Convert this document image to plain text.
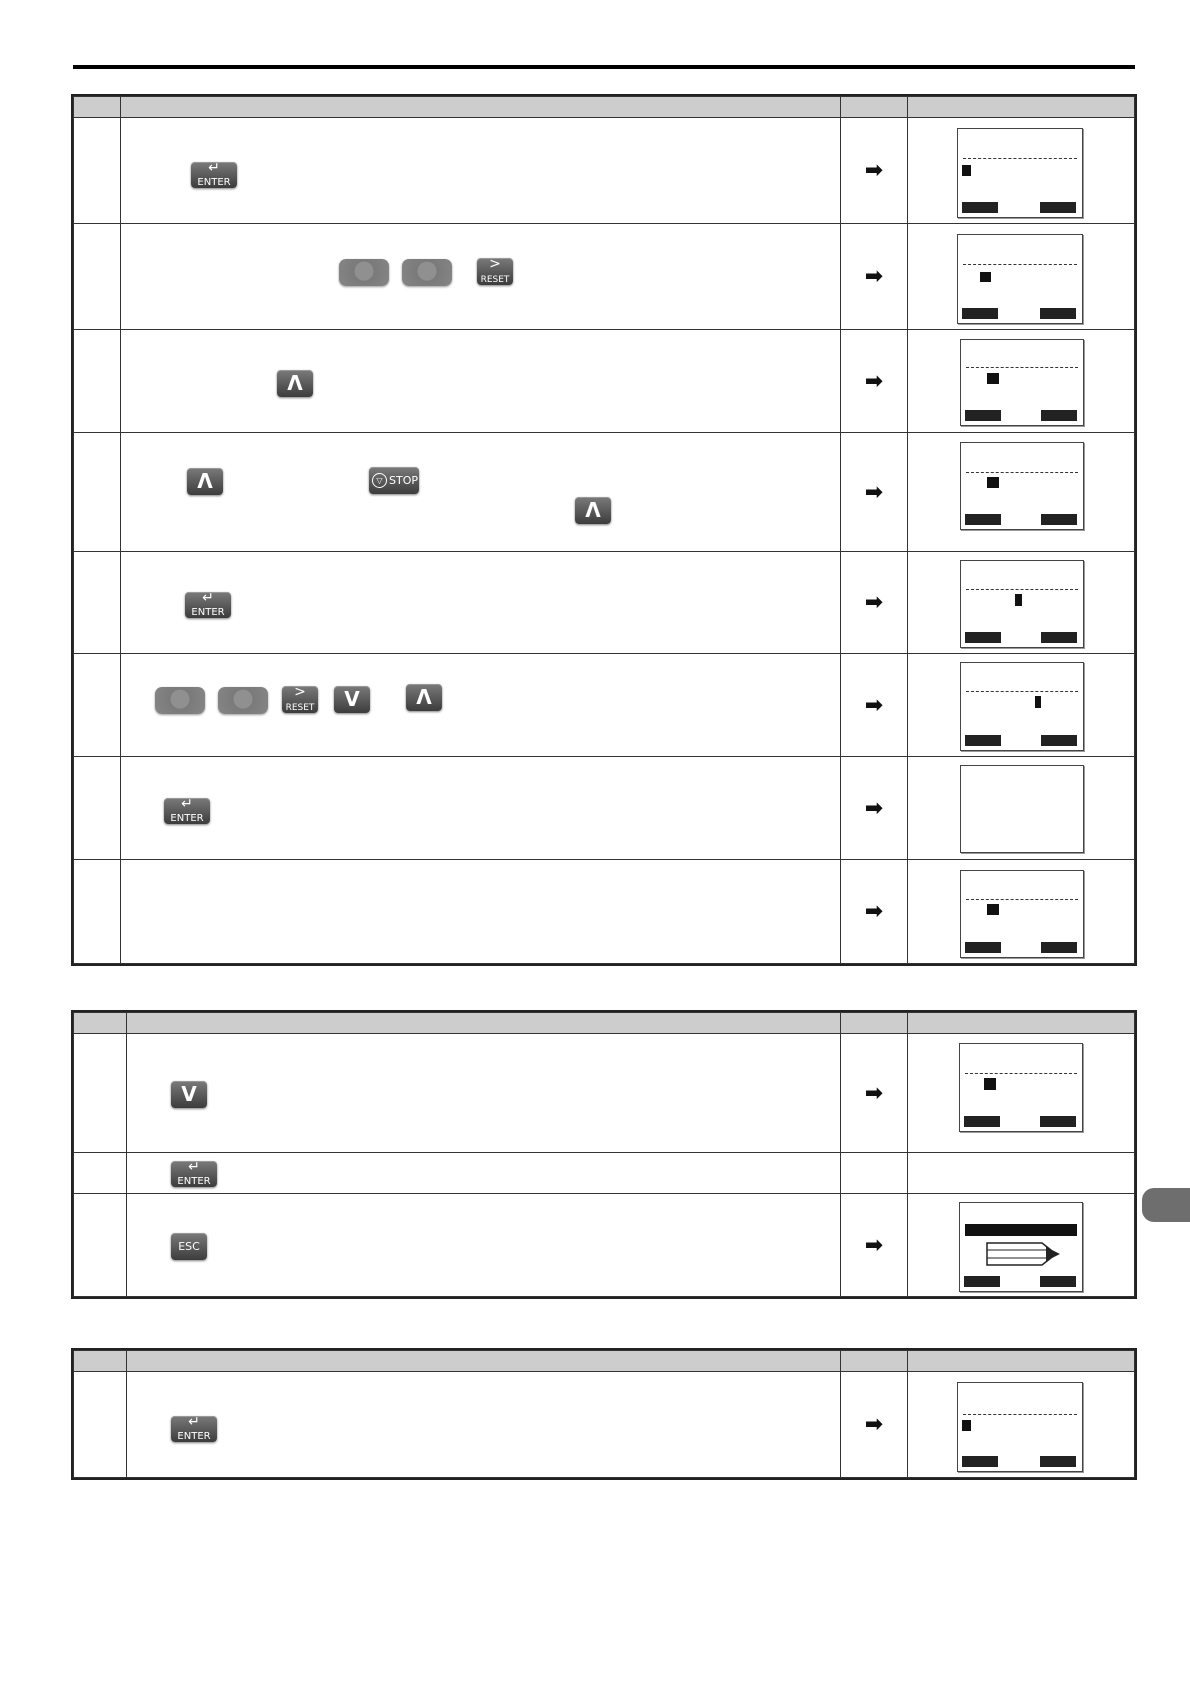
	↵
ENTER	➡	

	>
RESET	➡	

	Λ	➡	

	Λ ▽ STOP
Λ	➡	

	↵
ENTER	➡	

	>
RESET V Λ	➡	

	↵
ENTER	➡	

		➡	

	V	➡	

	↵
ENTER		

	ESC	➡	

	↵
ENTER	➡	
